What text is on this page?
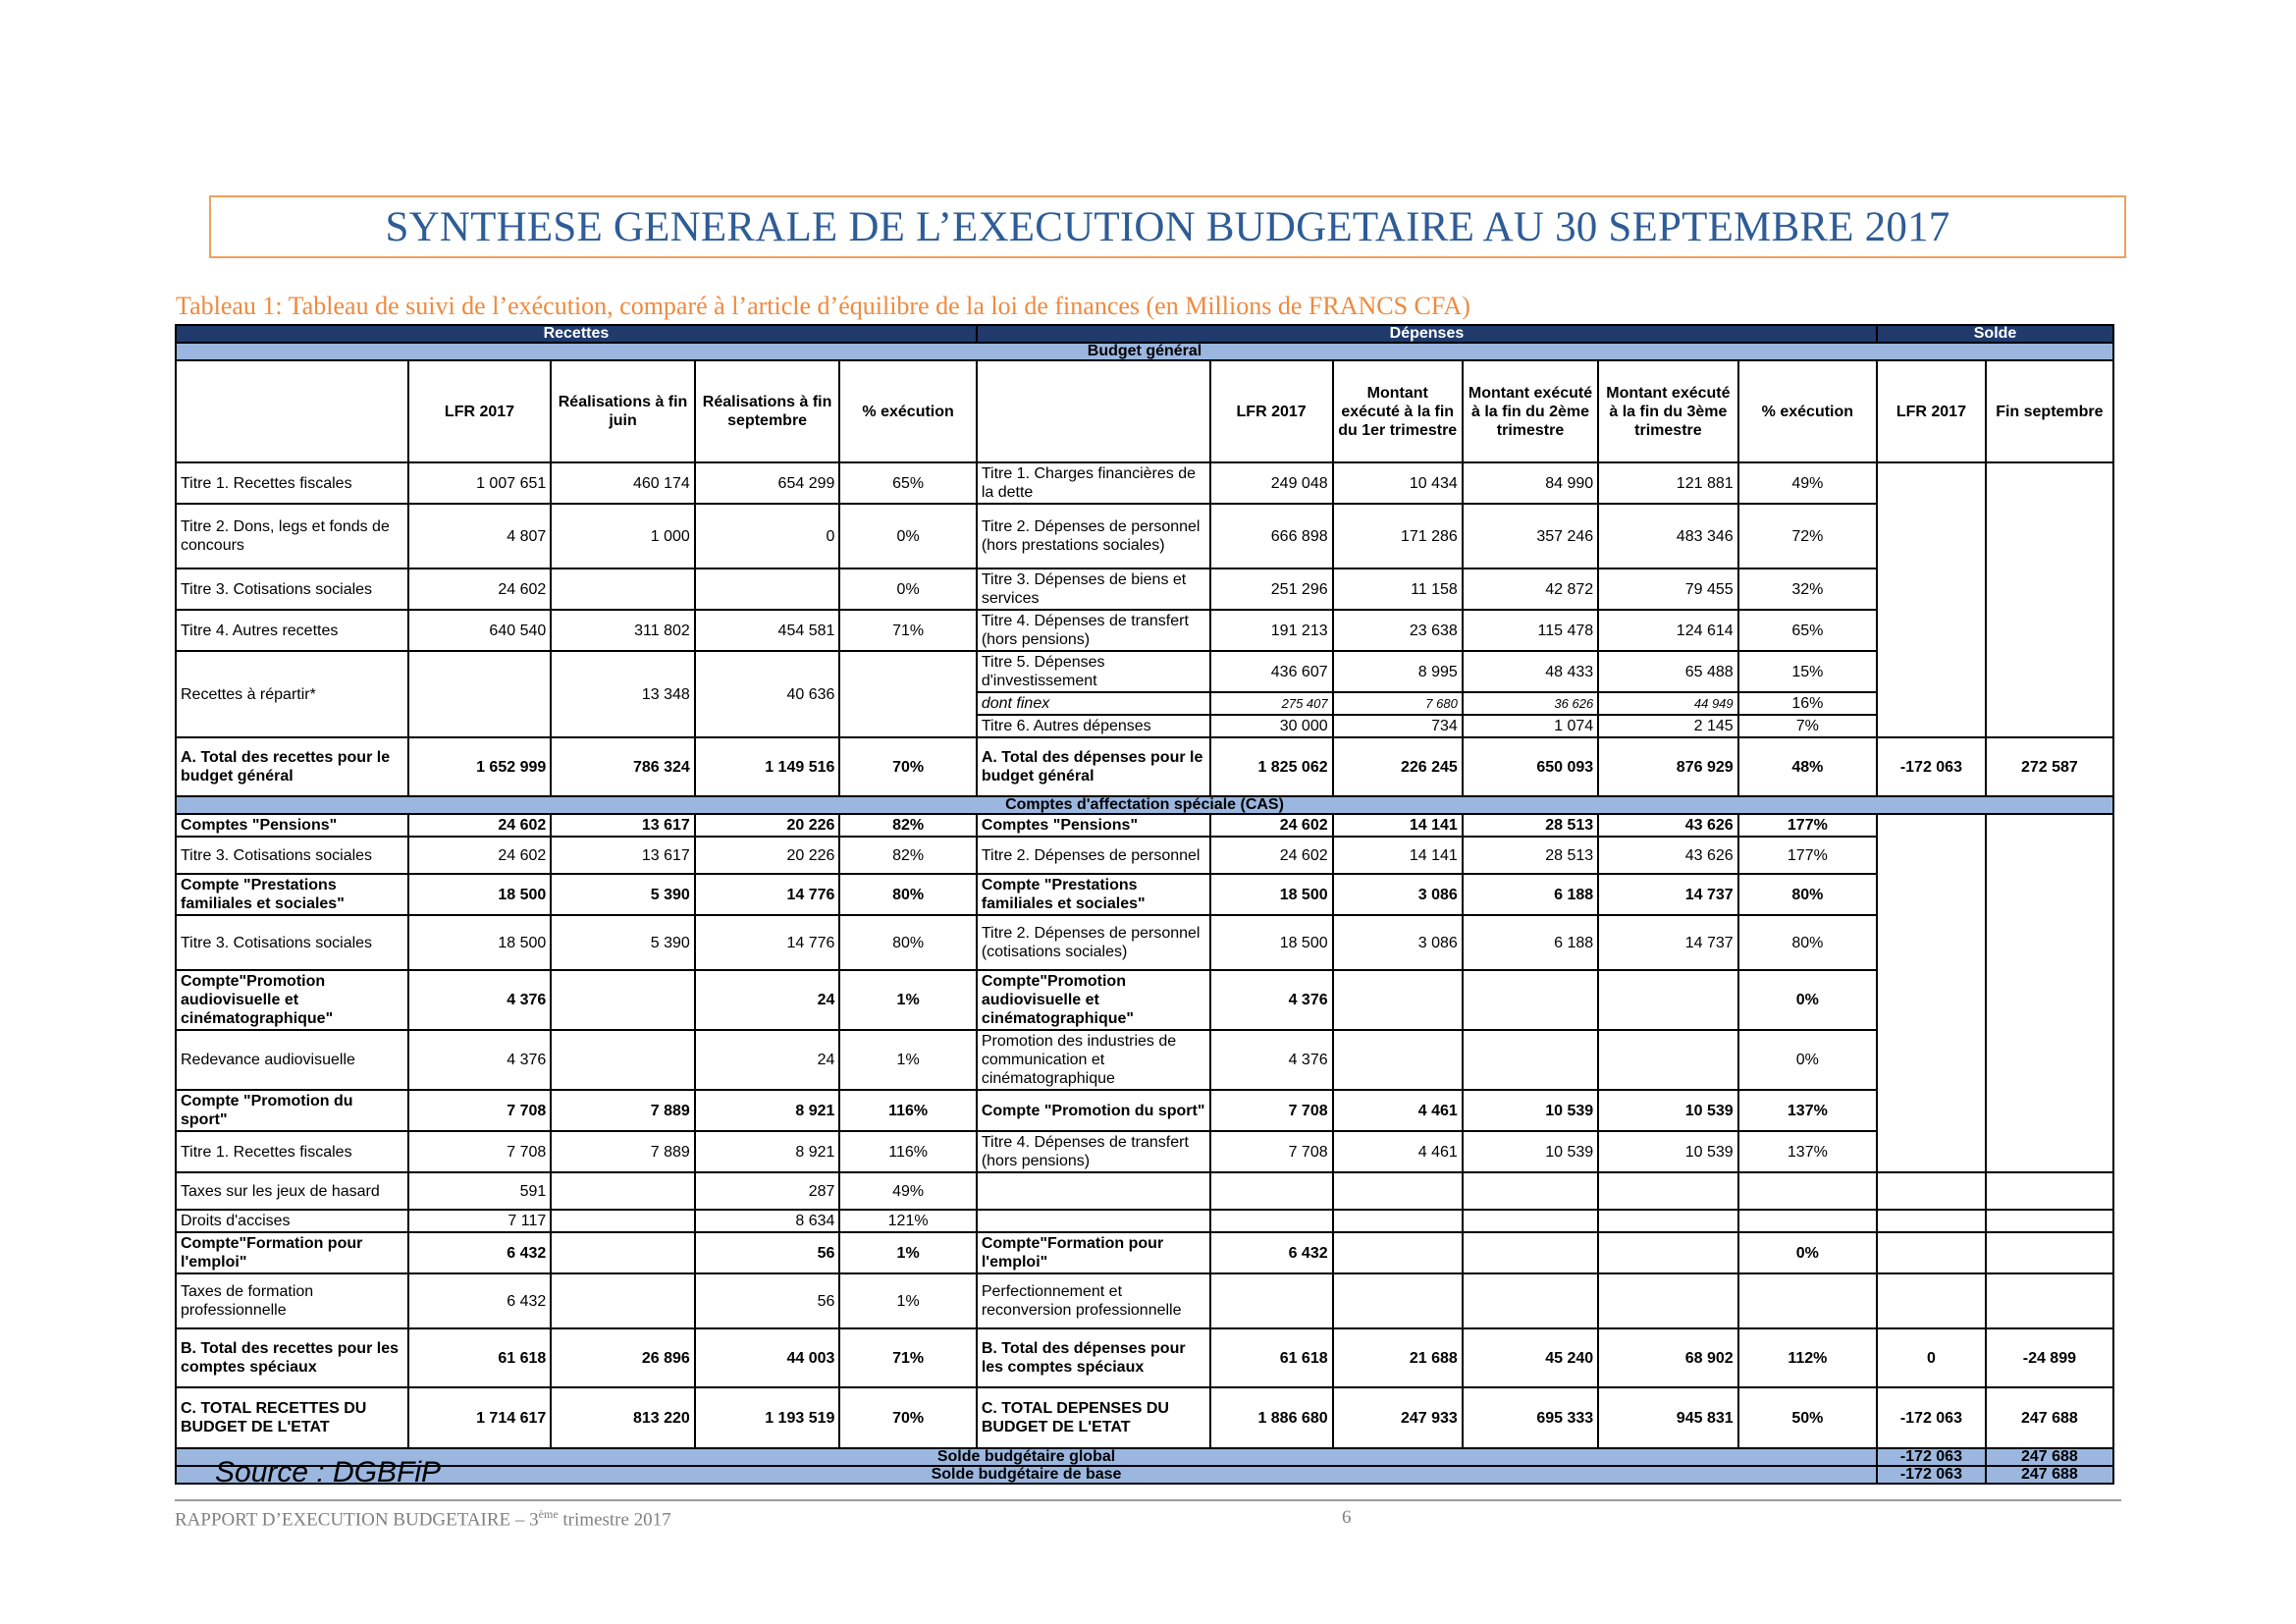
SYNTHESE GENERALE DE L’EXECUTION BUDGETAIRE AU 30 SEPTEMBRE 2017
Tableau 1: Tableau de suivi de l’exécution, comparé à l’article d’équilibre de la loi de finances (en Millions de FRANCS CFA)
Recettes					Dépenses						Solde	
Budget général												
	LFR 2017	Réalisations à fin juin	Réalisations à fin septembre	% exécution		LFR 2017	Montant exécuté à la fin du 1er trimestre	Montant exécuté à la fin du 2ème trimestre	Montant exécuté à la fin du 3ème trimestre	% exécution	LFR 2017	Fin septembre
Titre 1. Recettes fiscales	1 007 651	460 174	654 299	65%	Titre 1. Charges financières de la dette	249 048	10 434	84 990	121 881	49%		
Titre 2. Dons, legs et fonds de concours	4 807	1 000	0	0%	Titre 2. Dépenses de personnel (hors prestations sociales)	666 898	171 286	357 246	483 346	72%		
Titre 3. Cotisations sociales	24 602			0%	Titre 3. Dépenses de biens et services	251 296	11 158	42 872	79 455	32%		
Titre 4. Autres recettes	640 540	311 802	454 581	71%	Titre 4. Dépenses de transfert (hors pensions)	191 213	23 638	115 478	124 614	65%		
Recettes à répartir*		13 348	40 636		Titre 5. Dépenses d'investissement	436 607	8 995	48 433	65 488	15%		
					dont finex	275 407	7 680	36 626	44 949	16%		
					Titre 6. Autres dépenses	30 000	734	1 074	2 145	7%		
A. Total des recettes pour le budget général	1 652 999	786 324	1 149 516	70%	A. Total des dépenses pour le budget général	1 825 062	226 245	650 093	876 929	48%	-172 063	272 587
Comptes d'affectation spéciale (CAS)												
Comptes "Pensions"	24 602	13 617	20 226	82%	Comptes "Pensions"	24 602	14 141	28 513	43 626	177%		
Titre 3. Cotisations sociales	24 602	13 617	20 226	82%	Titre 2. Dépenses de personnel	24 602	14 141	28 513	43 626	177%		
Compte "Prestations familiales et sociales"	18 500	5 390	14 776	80%	Compte "Prestations familiales et sociales"	18 500	3 086	6 188	14 737	80%		
Titre 3. Cotisations sociales	18 500	5 390	14 776	80%	Titre 2. Dépenses de personnel (cotisations sociales)	18 500	3 086	6 188	14 737	80%		
Compte"Promotion audiovisuelle et cinématographique"	4 376		24	1%	Compte"Promotion audiovisuelle et cinématographique"	4 376				0%		
Redevance audiovisuelle	4 376		24	1%	Promotion des industries de communication et cinématographique	4 376				0%		
Compte "Promotion du sport"	7 708	7 889	8 921	116%	Compte "Promotion du sport"	7 708	4 461	10 539	10 539	137%		
Titre 1. Recettes fiscales	7 708	7 889	8 921	116%	Titre 4. Dépenses de transfert (hors pensions)	7 708	4 461	10 539	10 539	137%		
Taxes sur les jeux de hasard	591		287	49%								
Droits d'accises	7 117		8 634	121%								
Compte"Formation pour l'emploi"	6 432		56	1%	Compte"Formation pour l'emploi"	6 432				0%		
Taxes de formation professionnelle	6 432		56	1%	Perfectionnement et reconversion professionnelle							
B. Total des recettes pour les comptes spéciaux	61 618	26 896	44 003	71%	B. Total des dépenses pour les comptes spéciaux	61 618	21 688	45 240	68 902	112%	0	-24 899
C. TOTAL RECETTES DU BUDGET DE L'ETAT	1 714 617	813 220	1 193 519	70%	C. TOTAL DEPENSES DU BUDGET DE L'ETAT	1 886 680	247 933	695 333	945 831	50%	-172 063	247 688
Solde budgétaire global											-172 063	247 688
Solde budgétaire de base											-172 063	247 688
Source : DGBFiP
RAPPORT D’EXECUTION BUDGETAIRE – 3ème trimestre 2017	6
